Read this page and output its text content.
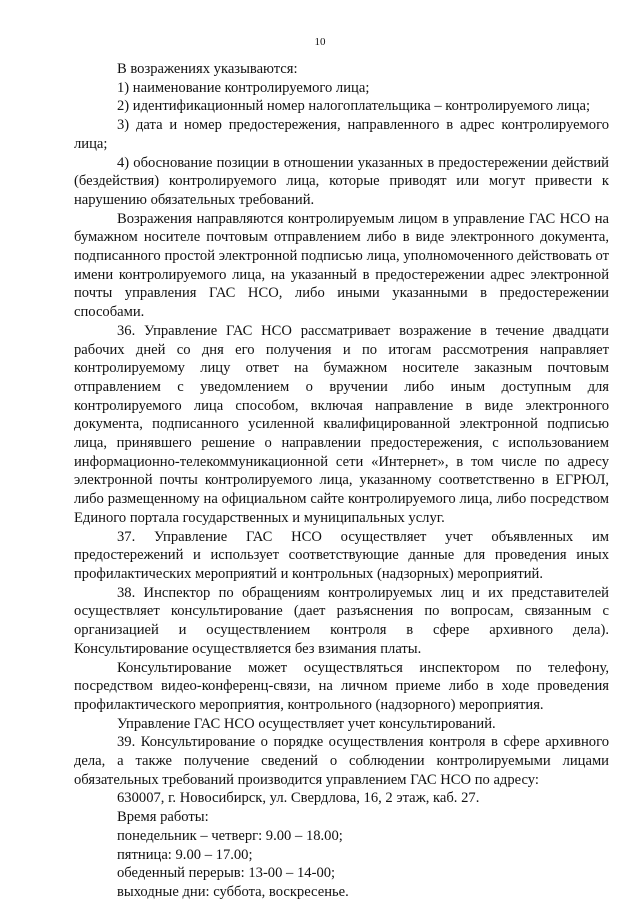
10

В возражениях указываются:

1) наименование контролируемого лица;

2) идентификационный номер налогоплательщика – контролируемого лица;

3) дата и номер предостережения, направленного в адрес контролируемого лица;

4) обоснование позиции в отношении указанных в предостережении действий (бездействия) контролируемого лица, которые приводят или могут привести к нарушению обязательных требований.

Возражения направляются контролируемым лицом в управление ГАС НСО на бумажном носителе почтовым отправлением либо в виде электронного документа, подписанного простой электронной подписью лица, уполномоченного действовать от имени контролируемого лица, на указанный в предостережении адрес электронной почты управления ГАС НСО, либо иными указанными в предостережении способами.

36. Управление ГАС НСО рассматривает возражение в течение двадцати рабочих дней со дня его получения и по итогам рассмотрения направляет контролируемому лицу ответ на бумажном носителе заказным почтовым отправлением с уведомлением о вручении либо иным доступным для контролируемого лица способом, включая направление в виде электронного документа, подписанного усиленной квалифицированной электронной подписью лица, принявшего решение о направлении предостережения, с использованием информационно-телекоммуникационной сети «Интернет», в том числе по адресу электронной почты контролируемого лица, указанному соответственно в ЕГРЮЛ, либо размещенному на официальном сайте контролируемого лица, либо посредством Единого портала государственных и муниципальных услуг.

37. Управление ГАС НСО осуществляет учет объявленных им предостережений и использует соответствующие данные для проведения иных профилактических мероприятий и контрольных (надзорных) мероприятий.

38. Инспектор по обращениям контролируемых лиц и их представителей осуществляет консультирование (дает разъяснения по вопросам, связанным с организацией и осуществлением контроля в сфере архивного дела). Консультирование осуществляется без взимания платы.

Консультирование может осуществляться инспектором по телефону, посредством видео-конференц-связи, на личном приеме либо в ходе проведения профилактического мероприятия, контрольного (надзорного) мероприятия.

Управление ГАС НСО осуществляет учет консультирований.

39. Консультирование о порядке осуществления контроля в сфере архивного дела, а также получение сведений о соблюдении контролируемыми лицами обязательных требований производится управлением ГАС НСО по адресу:

630007, г. Новосибирск, ул. Свердлова, 16, 2 этаж, каб. 27.

Время работы:

понедельник – четверг: 9.00 – 18.00;

пятница: 9.00 – 17.00;

обеденный перерыв: 13-00 – 14-00;

выходные дни: суббота, воскресенье.
